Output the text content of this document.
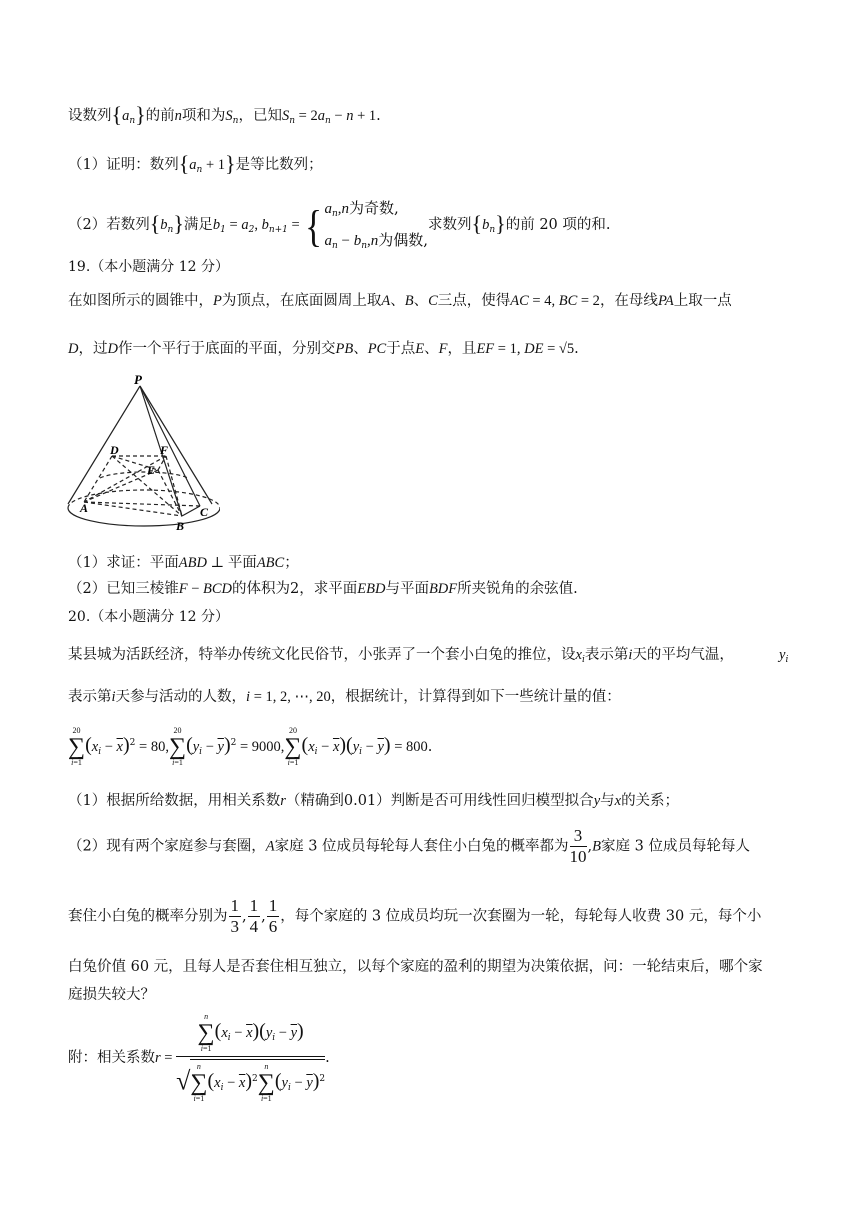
设数列$\{a_n\}$的前n项和为$S_n$，已知$S_n = 2a_n - n + 1$.
（1）证明：数列$\{a_n + 1\}$是等比数列；
（2）若数列$\{b_n\}$满足$b_1 = a_2$, $b_{n+1}$ = { $a_n,n$为奇数,
$a_n - b_n,n$为偶数,
求数列$\{b_n\}$的前 20 项的和.
19.（本小题满分 12 分）
在如图所示的圆锥中，P为顶点，在底面圆周上取A、B、C三点，使得AC = 4, BC = 2，在母线PA上取一点
D，过D作一个平行于底面的平面，分别交PB、PC于点E、F，且EF = 1, DE = √5.
P
D	F
E
A	C
B
（1）求证：平面ABD ⊥ 平面ABC；
（2）已知三棱锥F − BCD的体积为2，求平面EBD与平面BDF所夹锐角的余弦值.
20.（本小题满分 12 分）
某县城为活跃经济，特举办传统文化民俗节，小张弄了一个套小白兔的推位，设$x_i$表示第i天的平均气温，	$y_i$
表示第i天参与活动的人数，i = 1, 2, ⋯, 20，根据统计，计算得到如下一些统计量的值：
20
∑
i=1
$(x_i - \overline{x})^2 = 80$,
20
∑
i=1
$(y_i - \overline{y})^2 = 9000$,
20
∑
i=1
$(x_i - \overline{x})(y_i - \overline{y}) = 800$.
（1）根据所给数据，用相关系数r（精确到0.01）判断是否可用线性回归模型拟合y与x的关系；
（2）现有两个家庭参与套圈，A家庭 3 位成员每轮每人套住小白兔的概率都为 $\frac{3}{10} ,B$家庭 3 位成员每轮每人
套住小白兔的概率分别为 $\frac{1}{3}$ , $\frac{1}{4}$ , $\frac{1}{6}$ ，每个家庭的 3 位成员均玩一次套圈为一轮，每轮每人收费 30 元，每个小
白兔价值 60 元，且每人是否套住相互独立，以每个家庭的盈利的期望为决策依据，问：一轮结束后，哪个家
庭损失较大？
附：相关系数r = n
∑
i=1
$(x_i - \overline{x})(y_i - \overline{y})$
√ n
∑
i=1
$(x_i - \overline{x})^2$
n
∑
i=1
$(y_i - \overline{y})^2$ .
